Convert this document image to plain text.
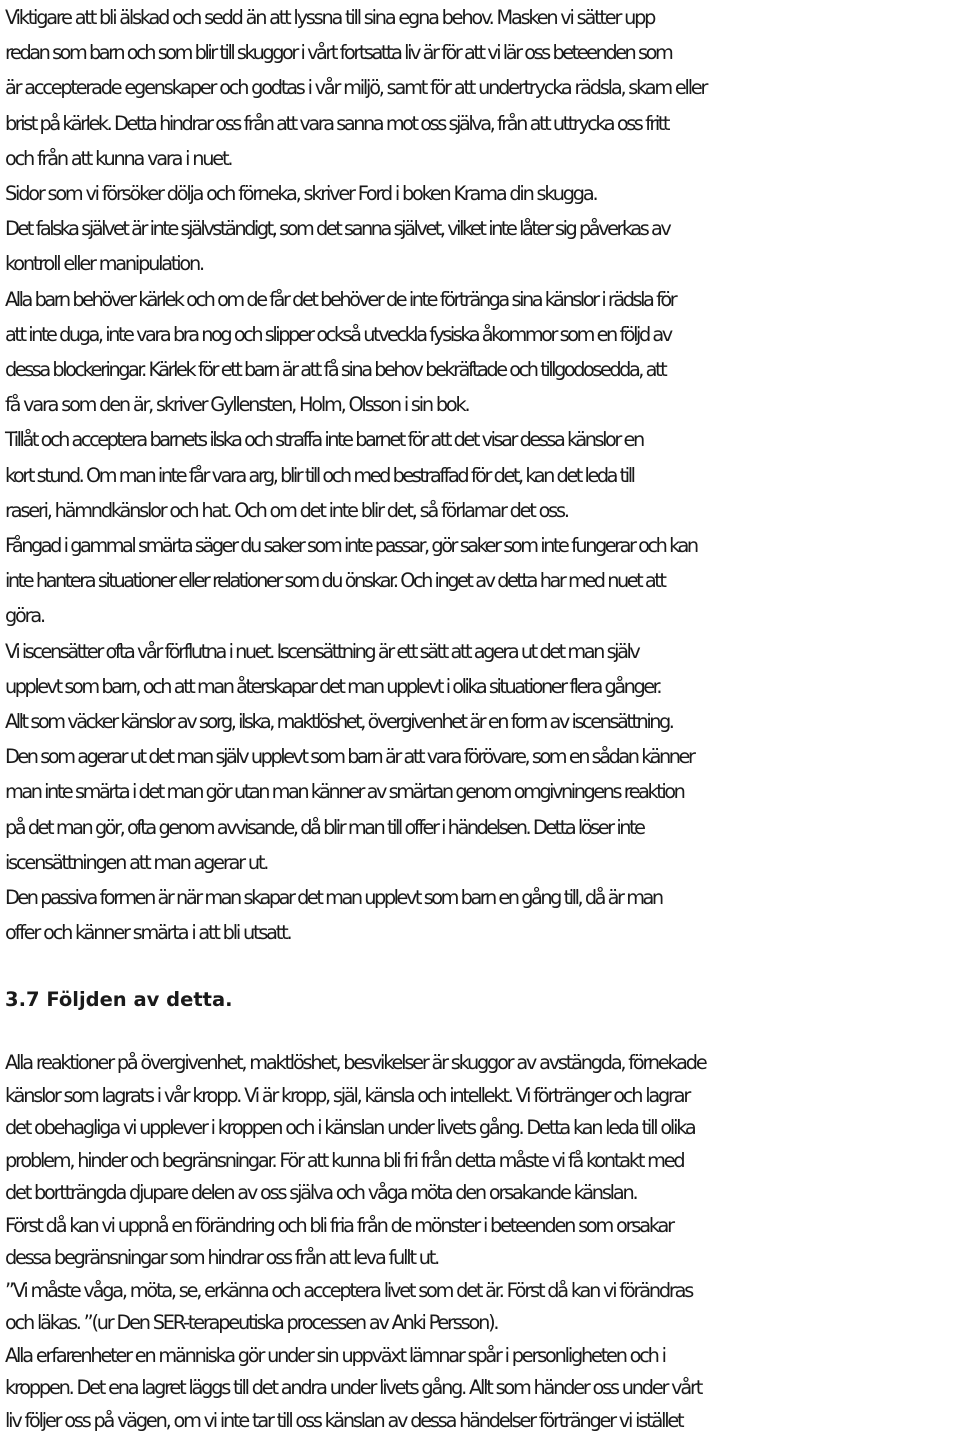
Viktigare att bli älskad och sedd än att lyssna till sina egna behov. Masken vi sätter upp

redan som barn och som blir till skuggor i vårt fortsatta liv är för att vi lär oss beteenden som

är accepterade egenskaper och godtas i vår miljö, samt för att undertrycka rädsla, skam eller

brist på kärlek. Detta hindrar oss från att vara sanna mot oss själva, från att uttrycka oss fritt

och från att kunna vara i nuet.

Sidor som vi försöker dölja och förneka, skriver Ford i boken Krama din skugga.

Det falska självet är inte självständigt, som det sanna självet, vilket inte låter sig påverkas av

kontroll eller manipulation.

Alla barn behöver kärlek och om de får det behöver de inte förtränga sina känslor i rädsla för

att inte duga, inte vara bra nog och slipper också utveckla fysiska åkommor som en följd av

dessa blockeringar. Kärlek för ett barn är att få sina behov bekräftade och tillgodosedda, att

få vara som den är, skriver Gyllensten, Holm, Olsson i sin bok.

Tillåt och acceptera barnets ilska och straffa inte barnet för att det visar dessa känslor en

kort stund. Om man inte får vara arg, blir till och med bestraffad för det, kan det leda till

raseri, hämndkänslor och hat. Och om det inte blir det, så förlamar det oss.

Fångad i gammal smärta säger du saker som inte passar, gör saker som inte fungerar och kan

inte hantera situationer eller relationer som du önskar. Och inget av detta har med nuet att

göra.

Vi iscensätter ofta vår förflutna i nuet. Iscensättning är ett sätt att agera ut det man själv

upplevt som barn, och att man återskapar det man upplevt i olika situationer flera gånger.

Allt som väcker känslor av sorg, ilska, maktlöshet, övergivenhet är en form av iscensättning.

Den som agerar ut det man själv upplevt som barn är att vara förövare, som en sådan känner

man inte smärta i det man gör utan man känner av smärtan genom omgivningens reaktion

på det man gör, ofta genom avvisande, då blir man till offer i händelsen. Detta löser inte

iscensättningen att man agerar ut.

Den passiva formen är när man skapar det man upplevt som barn en gång till, då är man

offer och känner smärta i att bli utsatt.

3.7 Följden av detta.

Alla reaktioner på övergivenhet, maktlöshet, besvikelser är skuggor av avstängda, förnekade

känslor som lagrats i vår kropp. Vi är kropp, själ, känsla och intellekt. Vi förtränger och lagrar

det obehagliga vi upplever i kroppen och i känslan under livets gång. Detta kan leda till olika

problem, hinder och begränsningar. För att kunna bli fri från detta måste vi få kontakt med

det bortträngda djupare delen av oss själva och våga möta den orsakande känslan.

Först då kan vi uppnå en förändring och bli fria från de mönster i beteenden som orsakar

dessa begränsningar som hindrar oss från att leva fullt ut.

”Vi måste våga, möta, se, erkänna och acceptera livet som det är. Först då kan vi förändras

och läkas. ”(ur Den SER-terapeutiska processen av Anki Persson).

Alla erfarenheter en människa gör under sin uppväxt lämnar spår i personligheten och i

kroppen. Det ena lagret läggs till det andra under livets gång. Allt som händer oss under vårt

liv följer oss på vägen, om vi inte tar till oss känslan av dessa händelser förtränger vi istället
